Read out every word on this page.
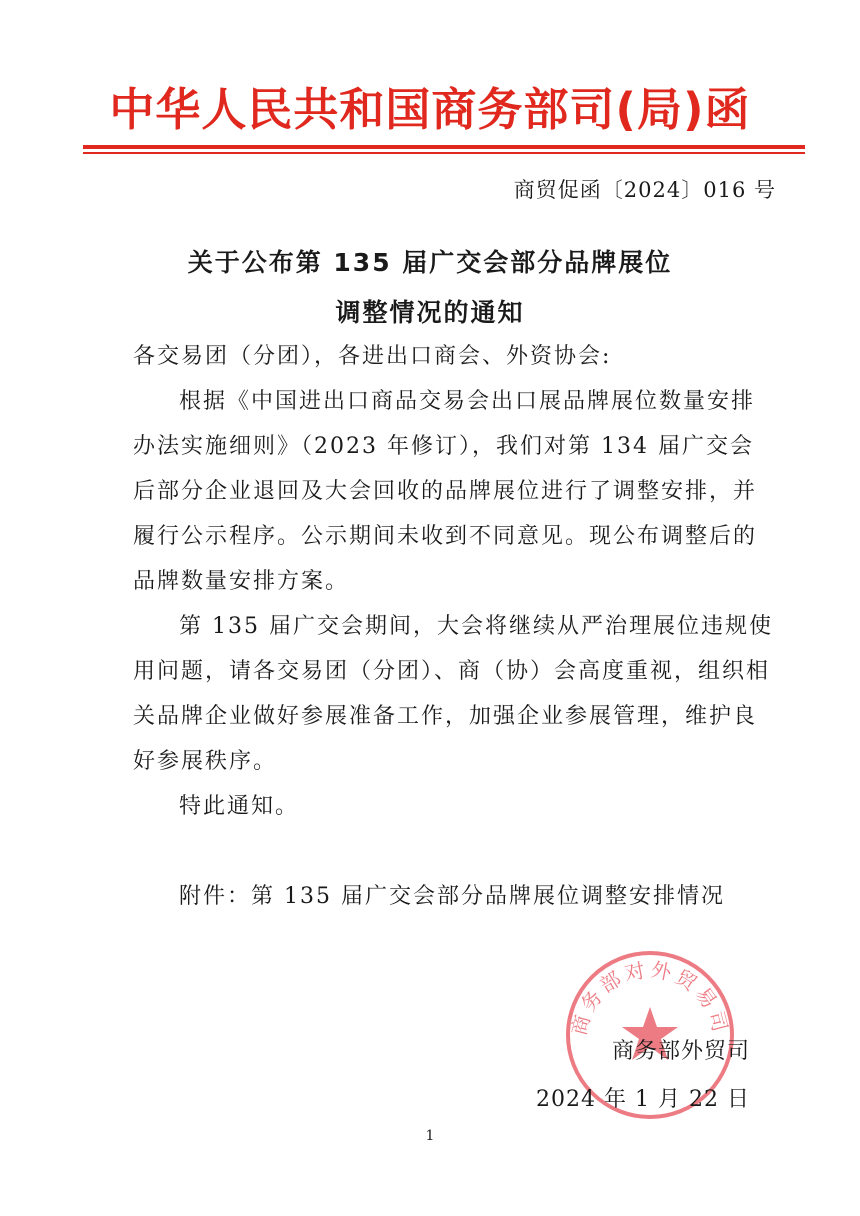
中华人民共和国商务部司(局)函
商贸促函〔2024〕016 号
关于公布第 135 届广交会部分品牌展位
调整情况的通知

各交易团（分团），各进出口商会、外资协会:

根据《中国进出口商品交易会出口展品牌展位数量安排办法实施细则》（2023 年修订），我们对第 134 届广交会后部分企业退回及大会回收的品牌展位进行了调整安排，并履行公示程序。公示期间未收到不同意见。现公布调整后的品牌数量安排方案。

第 135 届广交会期间，大会将继续从严治理展位违规使用问题，请各交易团（分团）、商（协）会高度重视，组织相关品牌企业做好参展准备工作，加强企业参展管理，维护良好参展秩序。

特此通知。

附件：第 135 届广交会部分品牌展位调整安排情况

商务部对外贸易司
商务部外贸司
2024 年 1 月 22 日
1
